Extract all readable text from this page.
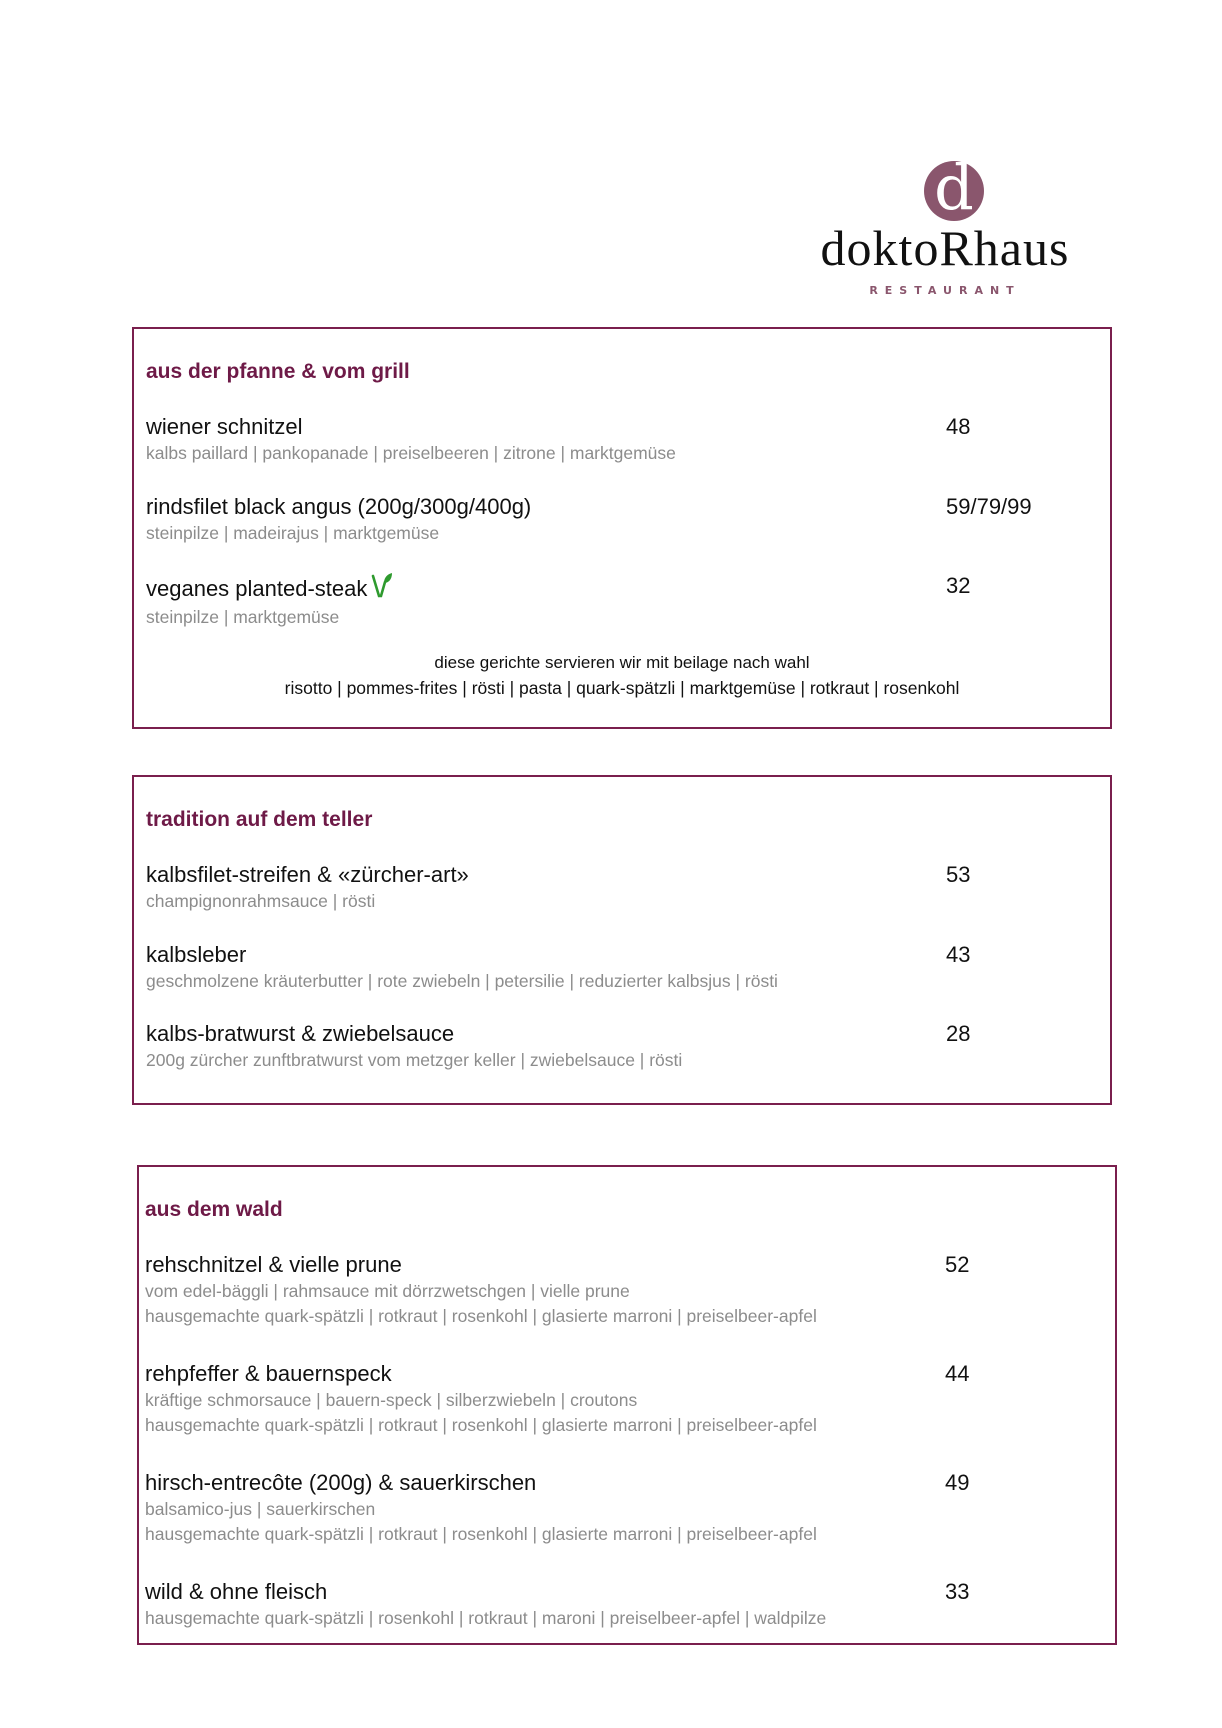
d
doktoRhaus
RESTAURANT
aus der pfanne & vom grill
wiener schnitzel
kalbs paillard | pankopanade | preiselbeeren | zitrone | marktgemüse
48
rindsfilet black angus (200g/300g/400g)
steinpilze | madeirajus | marktgemüse
59/79/99
veganes planted-steak
steinpilze | marktgemüse
32
diese gerichte servieren wir mit beilage nach wahl
risotto | pommes-frites | rösti | pasta | quark-spätzli | marktgemüse | rotkraut | rosenkohl
tradition auf dem teller
kalbsfilet-streifen & «zürcher-art»
champignonrahmsauce | rösti
53
kalbsleber
geschmolzene kräuterbutter | rote zwiebeln | petersilie | reduzierter kalbsjus | rösti
43
kalbs-bratwurst & zwiebelsauce
200g zürcher zunftbratwurst vom metzger keller | zwiebelsauce | rösti
28
aus dem wald
rehschnitzel & vielle prune
vom edel-bäggli | rahmsauce mit dörrzwetschgen | vielle prune
hausgemachte quark-spätzli | rotkraut | rosenkohl | glasierte marroni | preiselbeer-apfel
52
rehpfeffer & bauernspeck
kräftige schmorsauce | bauern-speck | silberzwiebeln | croutons
hausgemachte quark-spätzli | rotkraut | rosenkohl | glasierte marroni | preiselbeer-apfel
44
hirsch-entrecôte (200g) & sauerkirschen
balsamico-jus | sauerkirschen
hausgemachte quark-spätzli | rotkraut | rosenkohl | glasierte marroni | preiselbeer-apfel
49
wild & ohne fleisch
hausgemachte quark-spätzli | rosenkohl | rotkraut | maroni | preiselbeer-apfel | waldpilze
33
